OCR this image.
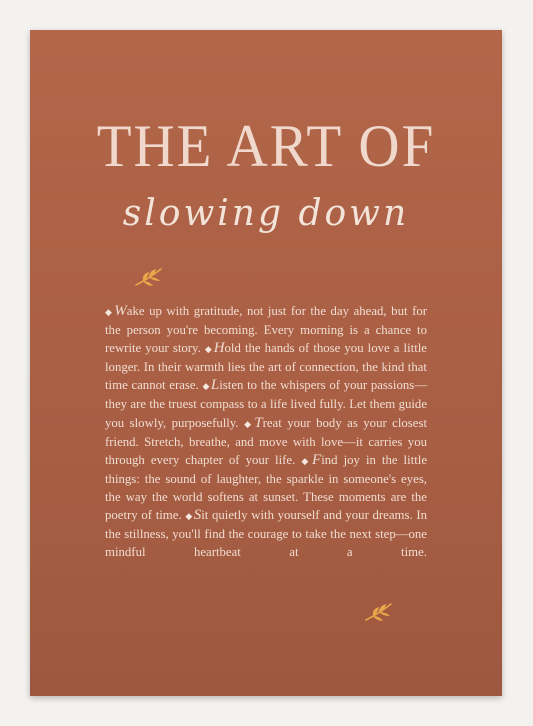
THE ART OF
slowing down
◆Wake up with gratitude, not just for the day ahead, but for the person you're becoming. Every morning is a chance to rewrite your story. ◆Hold the hands of those you love a little longer. In their warmth lies the art of connection, the kind that time cannot erase. ◆Listen to the whispers of your passions—they are the truest compass to a life lived fully. Let them guide you slowly, purposefully. ◆Treat your body as your closest friend. Stretch, breathe, and move with love—it carries you through every chapter of your life. ◆Find joy in the little things: the sound of laughter, the sparkle in someone's eyes, the way the world softens at sunset. These moments are the poetry of time. ◆Sit quietly with yourself and your dreams. In the stillness, you'll find the courage to take the next step—one mindful heartbeat at a time.
